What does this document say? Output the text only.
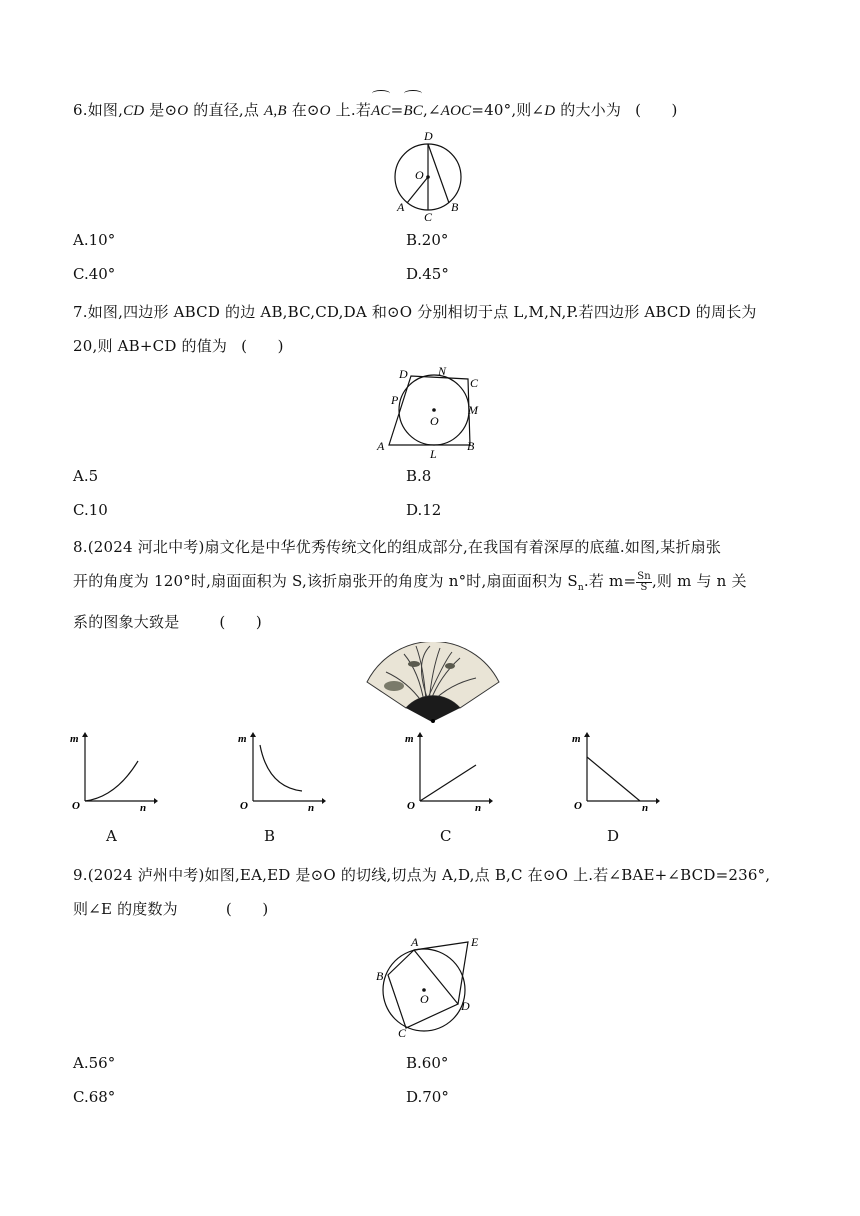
6.如图,CD 是⊙O 的直径,点 A,B 在⊙O 上.若AC=BC,∠AOC=40°,则∠D 的大小为 (　　)
D
O
A
C
B
A.10°	B.20°
C.40°	D.45°
7.如图,四边形 ABCD 的边 AB,BC,CD,DA 和⊙O 分别相切于点 L,M,N,P.若四边形 ABCD 的周长为
20,则 AB+CD 的值为 (　　)
D	N
C
P
M
O
A
L
B
A.5	B.8
C.10	D.12
8.(2024 河北中考)扇文化是中华优秀传统文化的组成部分,在我国有着深厚的底蕴.如图,某折扇张
开的角度为 120°时,扇面面积为 S,该折扇张开的角度为 n°时,扇面面积为 $S_n$.若 $m= \frac{Sn}{S}$ ,则 m 与 n 关
系的图象大致是	(　　)
m
O	n
m
O	n
m
O	n
m
O	n
A	B	C	D
9.(2024 泸州中考)如图,EA,ED 是⊙O 的切线,切点为 A,D,点 B,C 在⊙O 上.若∠BAE+∠BCD=236°,
则∠E 的度数为	(　　)
A	E
B
O	D
C
A.56°	B.60°
C.68°	D.70°
